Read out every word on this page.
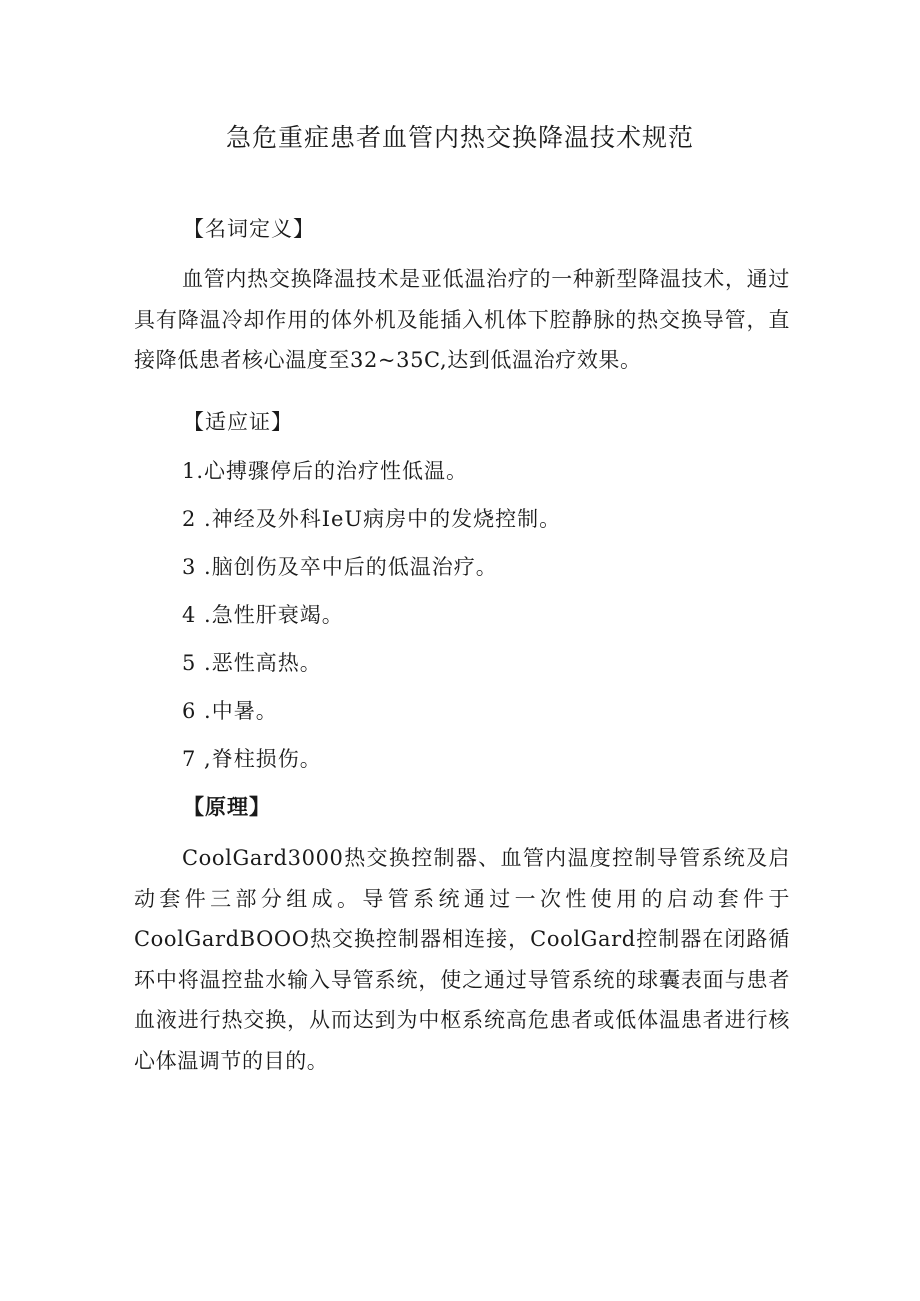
急危重症患者血管内热交换降温技术规范
【名词定义】
血管内热交换降温技术是亚低温治疗的一种新型降温技术，通过具有降温冷却作用的体外机及能插入机体下腔静脉的热交换导管，直接降低患者核心温度至32~35C,达到低温治疗效果。
【适应证】
1.心搏骤停后的治疗性低温。
2 .神经及外科IeU病房中的发烧控制。
3 .脑创伤及卒中后的低温治疗。
4 .急性肝衰竭。
5 .恶性高热。
6 .中暑。
7 ,脊柱损伤。
【原理】
CoolGard3000热交换控制器、血管内温度控制导管系统及启动套件三部分组成。导管系统通过一次性使用的启动套件于CoolGardBOOO热交换控制器相连接，CoolGard控制器在闭路循环中将温控盐水输入导管系统，使之通过导管系统的球囊表面与患者血液进行热交换，从而达到为中枢系统高危患者或低体温患者进行核心体温调节的目的。
